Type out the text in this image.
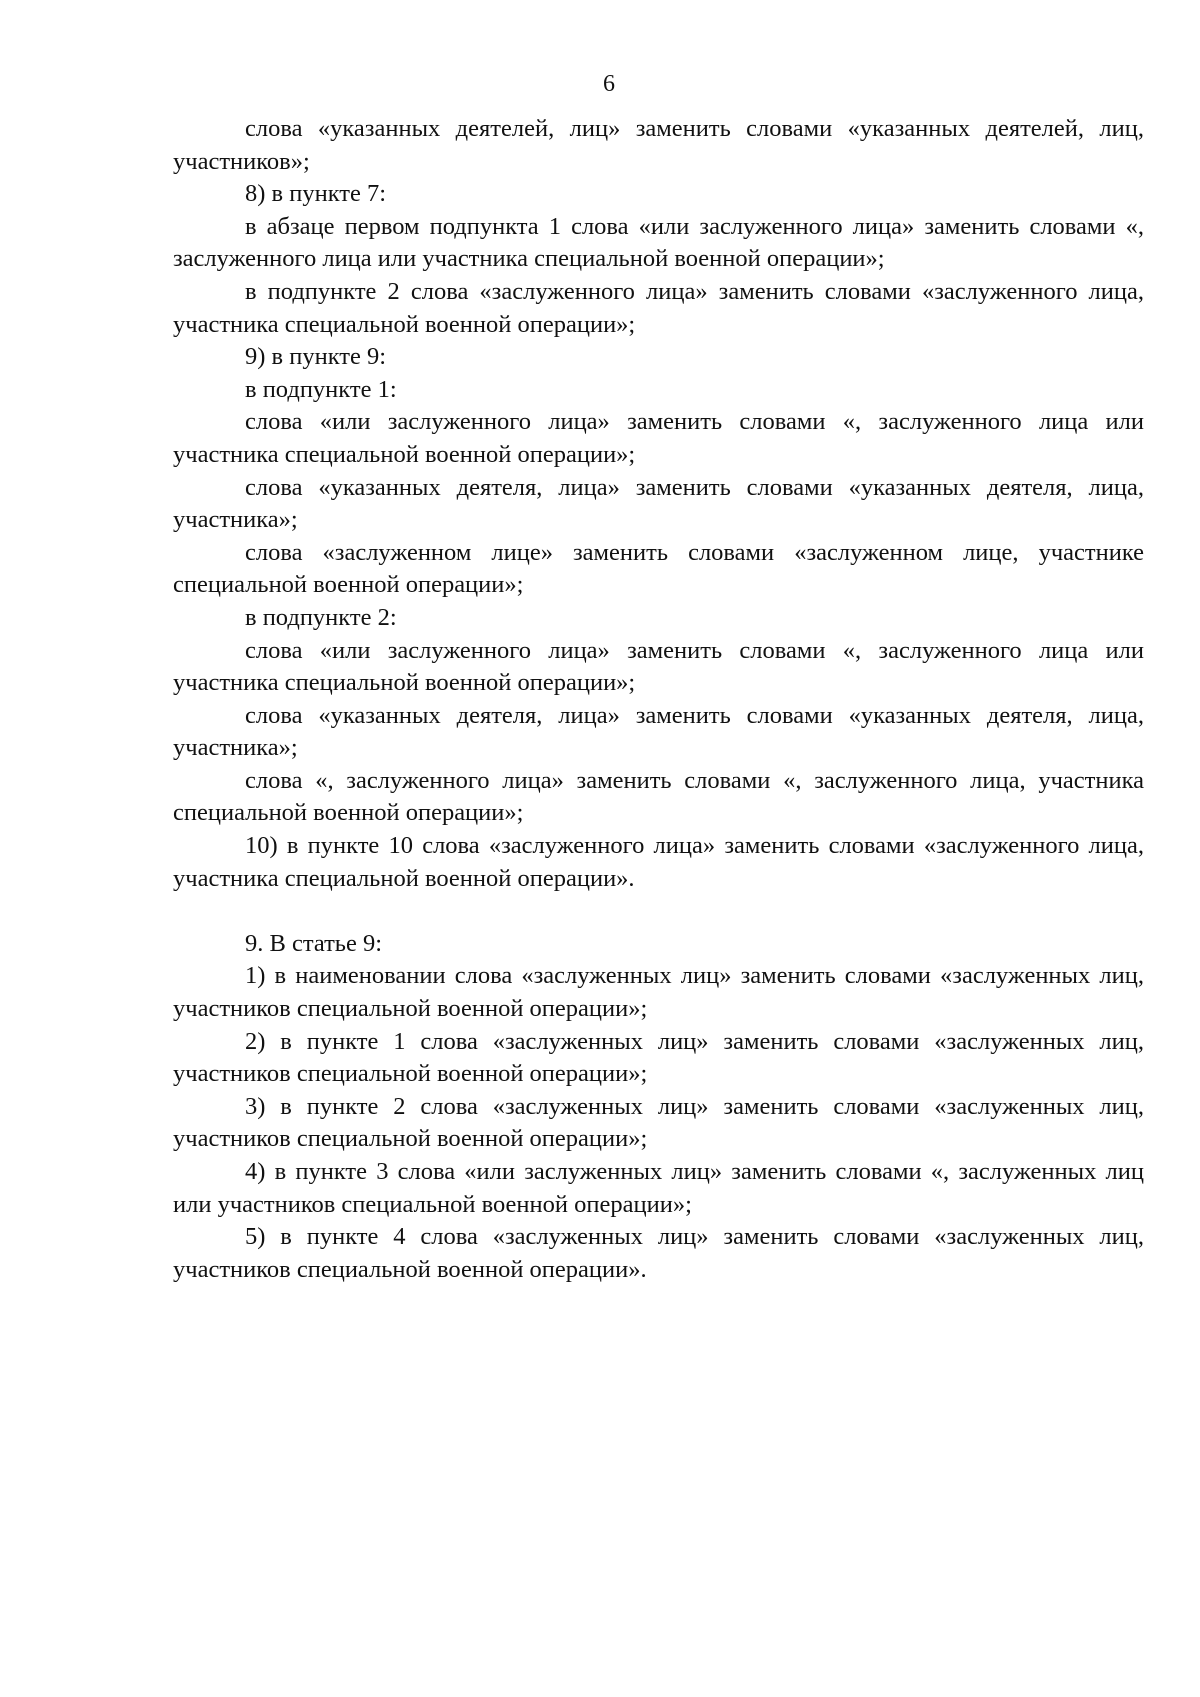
6

слова «указанных деятелей, лиц» заменить словами «указанных деятелей, лиц, участников»;

8) в пункте 7:

в абзаце первом подпункта 1 слова «или заслуженного лица» заменить словами «, заслуженного лица или участника специальной военной операции»;

в подпункте 2 слова «заслуженного лица» заменить словами «заслуженного лица, участника специальной военной операции»;

9) в пункте 9:

в подпункте 1:

слова «или заслуженного лица» заменить словами «, заслуженного лица или участника специальной военной операции»;

слова «указанных деятеля, лица» заменить словами «указанных деятеля, лица, участника»;

слова «заслуженном лице» заменить словами «заслуженном лице, участнике специальной военной операции»;

в подпункте 2:

слова «или заслуженного лица» заменить словами «, заслуженного лица или участника специальной военной операции»;

слова «указанных деятеля, лица» заменить словами «указанных деятеля, лица, участника»;

слова «, заслуженного лица» заменить словами «, заслуженного лица, участника специальной военной операции»;

10) в пункте 10 слова «заслуженного лица» заменить словами «заслуженного лица, участника специальной военной операции».

9. В статье 9:

1) в наименовании слова «заслуженных лиц» заменить словами «заслуженных лиц, участников специальной военной операции»;

2) в пункте 1 слова «заслуженных лиц» заменить словами «заслуженных лиц, участников специальной военной операции»;

3) в пункте 2 слова «заслуженных лиц» заменить словами «заслуженных лиц, участников специальной военной операции»;

4) в пункте 3 слова «или заслуженных лиц» заменить словами «, заслуженных лиц или участников специальной военной операции»;

5) в пункте 4 слова «заслуженных лиц» заменить словами «заслуженных лиц, участников специальной военной операции».
